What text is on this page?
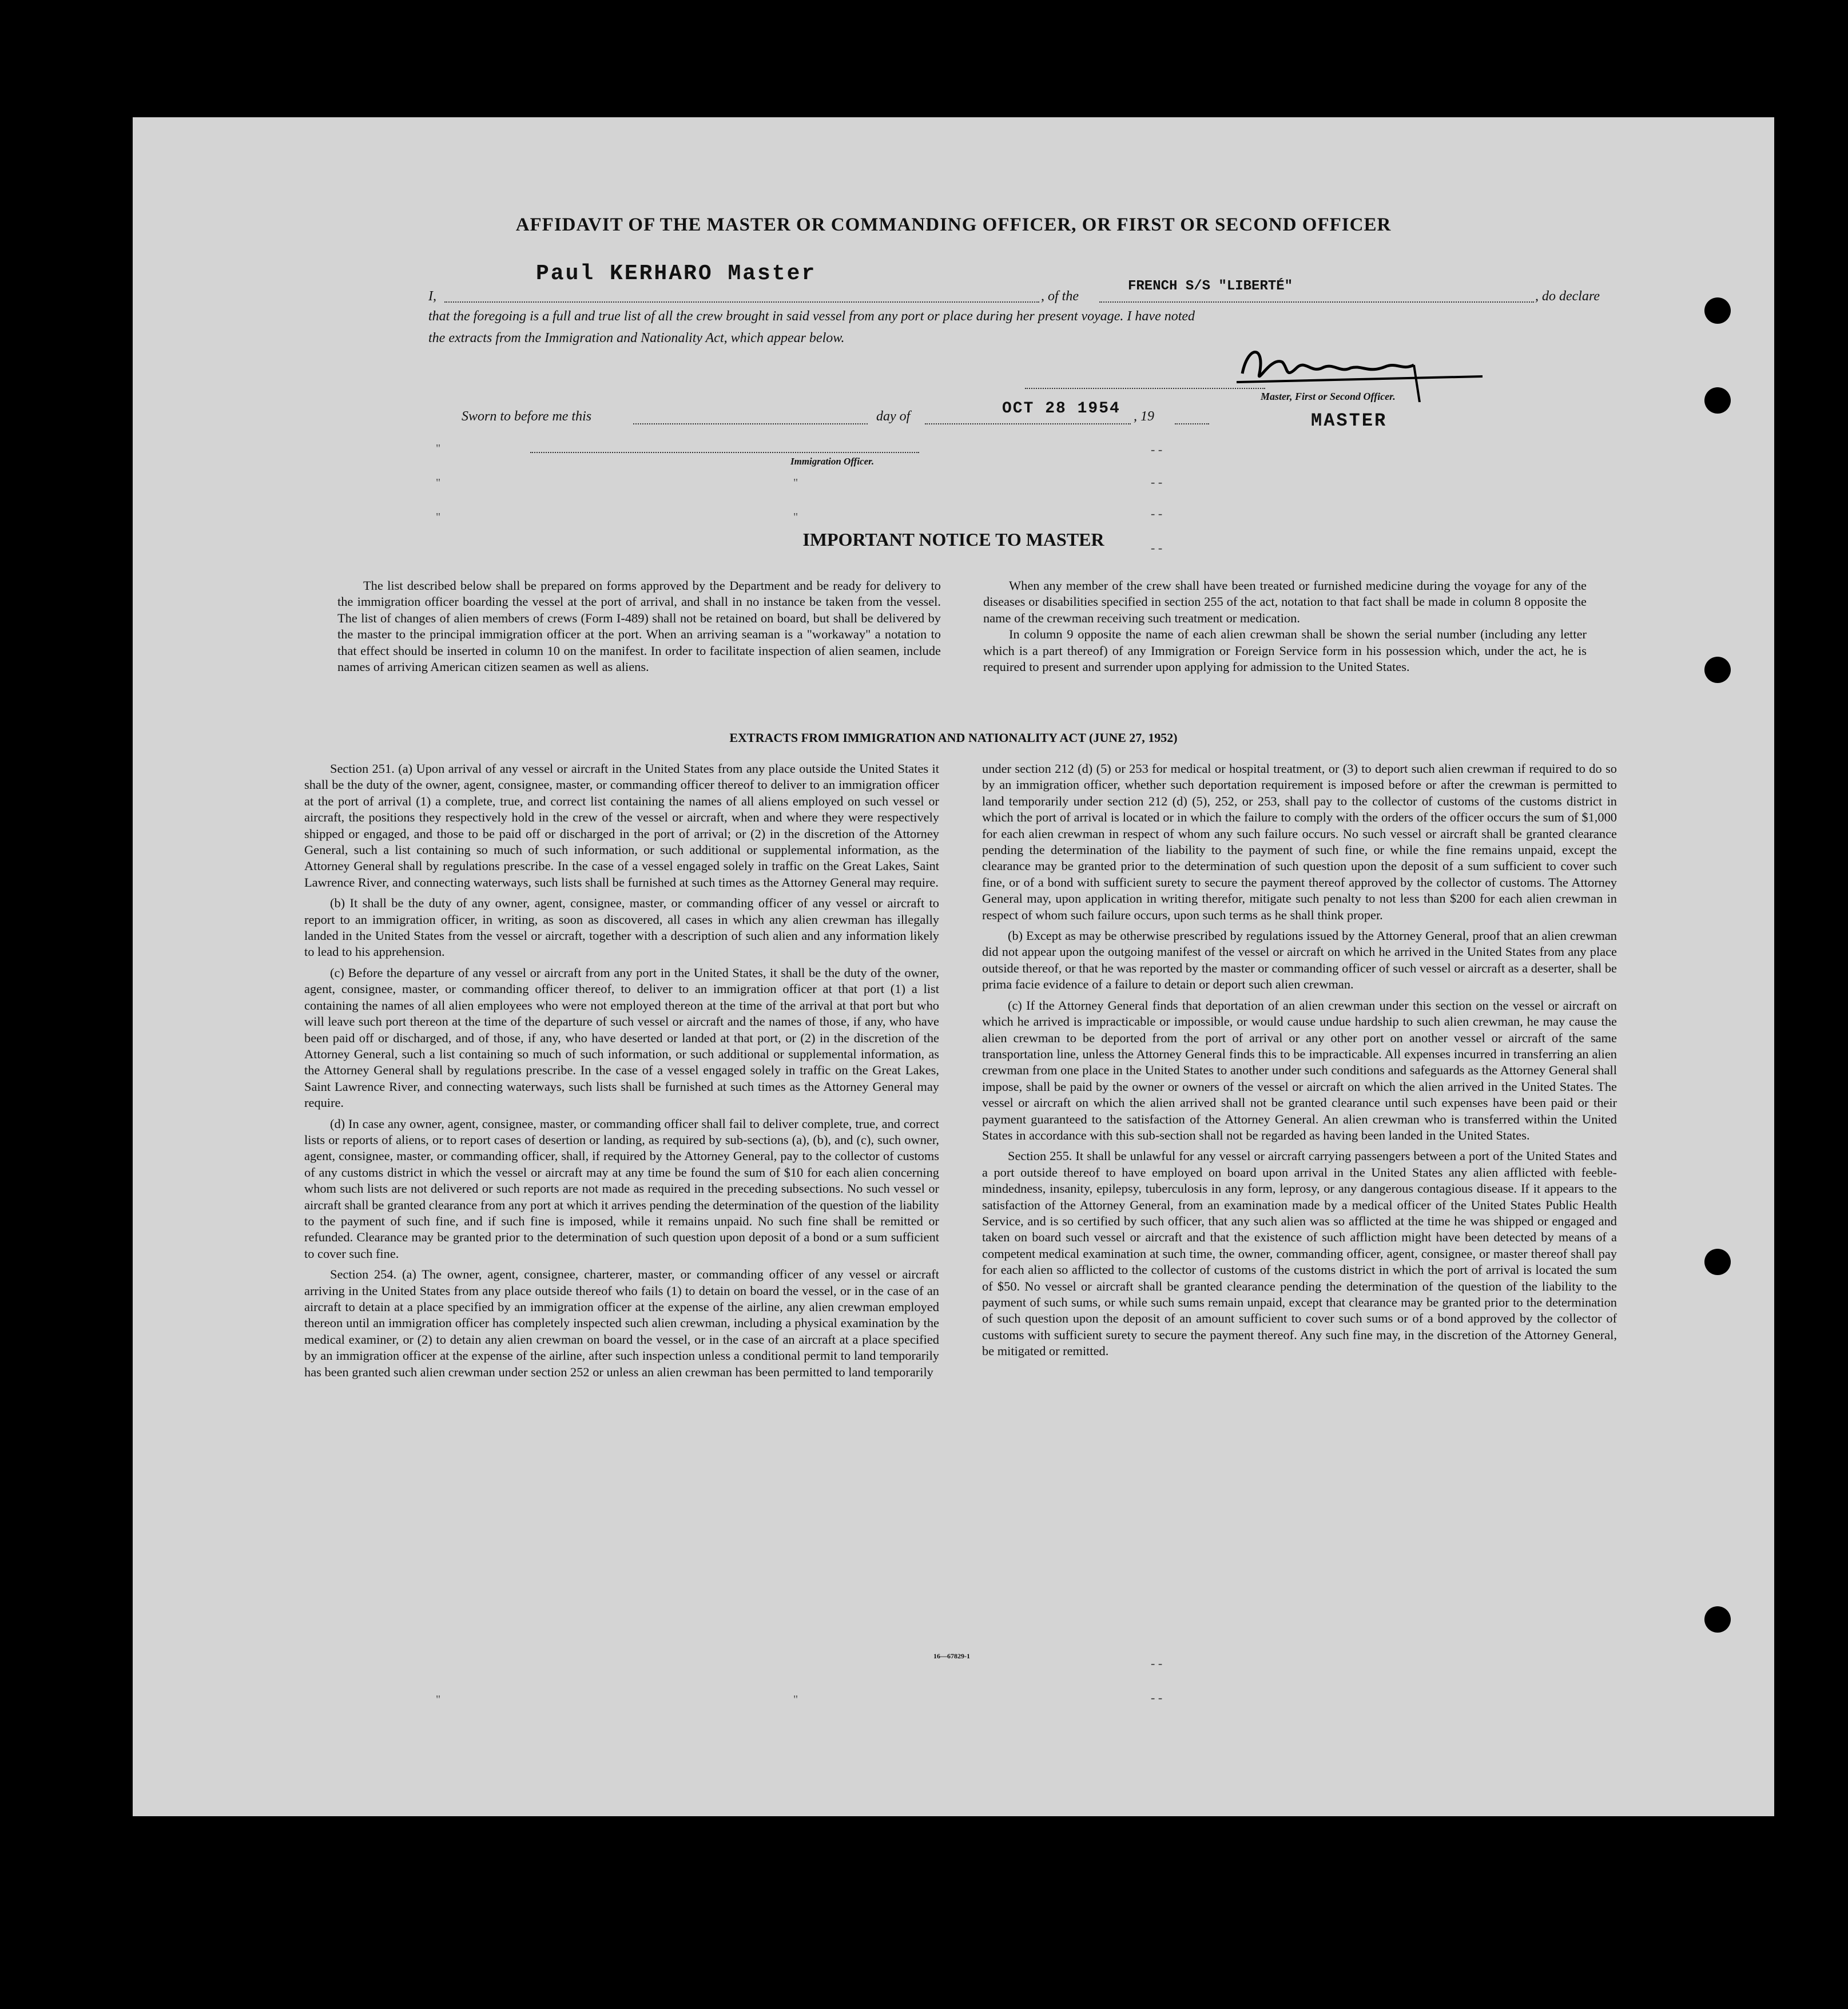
AFFIDAVIT OF THE MASTER OR COMMANDING OFFICER, OR FIRST OR SECOND OFFICER
I,
Paul KERHARO Master
, of the
FRENCH S/S "LIBERTÉ"
, do declare
that the foregoing is a full and true list of all the crew brought in said vessel from any port or place during her present voyage. I have noted
the extracts from the Immigration and Nationality Act, which appear below.
Master, First or Second Officer.
MASTER
Sworn to before me this	day of	OCT 28 1954 , 19
Immigration Officer.
"
"
"
"
"
- -
- -
- -
- -
IMPORTANT NOTICE TO MASTER

The list described below shall be prepared on forms approved by the Department and be ready for delivery to the immigration officer boarding the vessel at the port of arrival, and shall in no instance be taken from the vessel. The list of changes of alien members of crews (Form I-489) shall not be retained on board, but shall be delivered by the master to the principal immigration officer at the port. When an arriving seaman is a "workaway" a notation to that effect should be inserted in column 10 on the manifest. In order to facilitate inspection of alien seamen, include names of arriving American citizen seamen as well as aliens.

When any member of the crew shall have been treated or furnished medicine during the voyage for any of the diseases or disabilities specified in section 255 of the act, notation to that fact shall be made in column 8 opposite the name of the crewman receiving such treatment or medication.

In column 9 opposite the name of each alien crewman shall be shown the serial number (including any letter which is a part thereof) of any Immigration or Foreign Service form in his possession which, under the act, he is required to present and surrender upon applying for admission to the United States.

EXTRACTS FROM IMMIGRATION AND NATIONALITY ACT (JUNE 27, 1952)

Section 251. (a) Upon arrival of any vessel or aircraft in the United States from any place outside the United States it shall be the duty of the owner, agent, consignee, master, or commanding officer thereof to deliver to an immigration officer at the port of arrival (1) a complete, true, and correct list containing the names of all aliens employed on such vessel or aircraft, the positions they respectively hold in the crew of the vessel or aircraft, when and where they were respectively shipped or engaged, and those to be paid off or discharged in the port of arrival; or (2) in the discretion of the Attorney General, such a list containing so much of such information, or such additional or supplemental information, as the Attorney General shall by regulations prescribe. In the case of a vessel engaged solely in traffic on the Great Lakes, Saint Lawrence River, and connecting waterways, such lists shall be furnished at such times as the Attorney General may require.

(b) It shall be the duty of any owner, agent, consignee, master, or commanding officer of any vessel or aircraft to report to an immigration officer, in writing, as soon as discovered, all cases in which any alien crewman has illegally landed in the United States from the vessel or aircraft, together with a description of such alien and any information likely to lead to his apprehension.

(c) Before the departure of any vessel or aircraft from any port in the United States, it shall be the duty of the owner, agent, consignee, master, or commanding officer thereof, to deliver to an immigration officer at that port (1) a list containing the names of all alien employees who were not employed thereon at the time of the arrival at that port but who will leave such port thereon at the time of the departure of such vessel or aircraft and the names of those, if any, who have been paid off or discharged, and of those, if any, who have deserted or landed at that port, or (2) in the discretion of the Attorney General, such a list containing so much of such information, or such additional or supplemental information, as the Attorney General shall by regulations prescribe. In the case of a vessel engaged solely in traffic on the Great Lakes, Saint Lawrence River, and connecting waterways, such lists shall be furnished at such times as the Attorney General may require.

(d) In case any owner, agent, consignee, master, or commanding officer shall fail to deliver complete, true, and correct lists or reports of aliens, or to report cases of desertion or landing, as required by sub-sections (a), (b), and (c), such owner, agent, consignee, master, or commanding officer, shall, if required by the Attorney General, pay to the collector of customs of any customs district in which the vessel or aircraft may at any time be found the sum of $10 for each alien concerning whom such lists are not delivered or such reports are not made as required in the preceding subsections. No such vessel or aircraft shall be granted clearance from any port at which it arrives pending the determination of the question of the liability to the payment of such fine, and if such fine is imposed, while it remains unpaid. No such fine shall be remitted or refunded. Clearance may be granted prior to the determination of such question upon deposit of a bond or a sum sufficient to cover such fine.

Section 254. (a) The owner, agent, consignee, charterer, master, or commanding officer of any vessel or aircraft arriving in the United States from any place outside thereof who fails (1) to detain on board the vessel, or in the case of an aircraft to detain at a place specified by an immigration officer at the expense of the airline, any alien crewman employed thereon until an immigration officer has completely inspected such alien crewman, including a physical examination by the medical examiner, or (2) to detain any alien crewman on board the vessel, or in the case of an aircraft at a place specified by an immigration officer at the expense of the airline, after such inspection unless a conditional permit to land temporarily has been granted such alien crewman under section 252 or unless an alien crewman has been permitted to land temporarily

under section 212 (d) (5) or 253 for medical or hospital treatment, or (3) to deport such alien crewman if required to do so by an immigration officer, whether such deportation requirement is imposed before or after the crewman is permitted to land temporarily under section 212 (d) (5), 252, or 253, shall pay to the collector of customs of the customs district in which the port of arrival is located or in which the failure to comply with the orders of the officer occurs the sum of $1,000 for each alien crewman in respect of whom any such failure occurs. No such vessel or aircraft shall be granted clearance pending the determination of the liability to the payment of such fine, or while the fine remains unpaid, except the clearance may be granted prior to the determination of such question upon the deposit of a sum sufficient to cover such fine, or of a bond with sufficient surety to secure the payment thereof approved by the collector of customs. The Attorney General may, upon application in writing therefor, mitigate such penalty to not less than $200 for each alien crewman in respect of whom such failure occurs, upon such terms as he shall think proper.

(b) Except as may be otherwise prescribed by regulations issued by the Attorney General, proof that an alien crewman did not appear upon the outgoing manifest of the vessel or aircraft on which he arrived in the United States from any place outside thereof, or that he was reported by the master or commanding officer of such vessel or aircraft as a deserter, shall be prima facie evidence of a failure to detain or deport such alien crewman.

(c) If the Attorney General finds that deportation of an alien crewman under this section on the vessel or aircraft on which he arrived is impracticable or impossible, or would cause undue hardship to such alien crewman, he may cause the alien crewman to be deported from the port of arrival or any other port on another vessel or aircraft of the same transportation line, unless the Attorney General finds this to be impracticable. All expenses incurred in transferring an alien crewman from one place in the United States to another under such conditions and safeguards as the Attorney General shall impose, shall be paid by the owner or owners of the vessel or aircraft on which the alien arrived in the United States. The vessel or aircraft on which the alien arrived shall not be granted clearance until such expenses have been paid or their payment guaranteed to the satisfaction of the Attorney General. An alien crewman who is transferred within the United States in accordance with this sub-section shall not be regarded as having been landed in the United States.

Section 255. It shall be unlawful for any vessel or aircraft carrying passengers between a port of the United States and a port outside thereof to have employed on board upon arrival in the United States any alien afflicted with feeble-mindedness, insanity, epilepsy, tuberculosis in any form, leprosy, or any dangerous contagious disease. If it appears to the satisfaction of the Attorney General, from an examination made by a medical officer of the United States Public Health Service, and is so certified by such officer, that any such alien was so afflicted at the time he was shipped or engaged and taken on board such vessel or aircraft and that the existence of such affliction might have been detected by means of a competent medical examination at such time, the owner, commanding officer, agent, consignee, or master thereof shall pay for each alien so afflicted to the collector of customs of the customs district in which the port of arrival is located the sum of $50. No vessel or aircraft shall be granted clearance pending the determination of the question of the liability to the payment of such sums, or while such sums remain unpaid, except that clearance may be granted prior to the determination of such question upon the deposit of an amount sufficient to cover such sums or of a bond approved by the collector of customs with sufficient surety to secure the payment thereof. Any such fine may, in the discretion of the Attorney General, be mitigated or remitted.

16—67829-1
"	"
- -
- -
